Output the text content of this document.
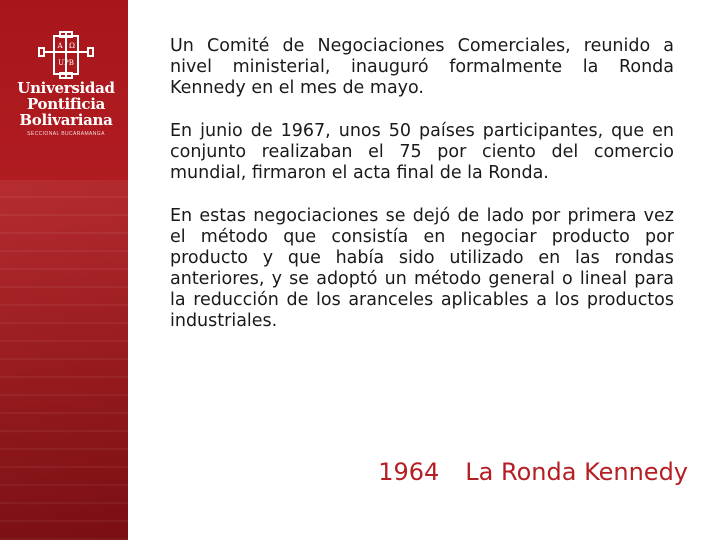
A Ω
UPB
Universidad
Pontificia
Bolivariana
SECCIONAL BUCARAMANGA

Un Comité de Negociaciones Comerciales, reunido a nivel ministerial, inauguró formalmente la Ronda Kennedy en el mes de mayo.

En junio de 1967, unos 50 países participantes, que en conjunto realizaban el 75 por ciento del comercio mundial, firmaron el acta final de la Ronda.

En estas negociaciones se dejó de lado por primera vez el método que consistía en negociar producto por producto y que había sido utilizado en las rondas anteriores, y se adoptó un método general o lineal para la reducción de los aranceles aplicables a los productos industriales.

1964 La Ronda Kennedy
